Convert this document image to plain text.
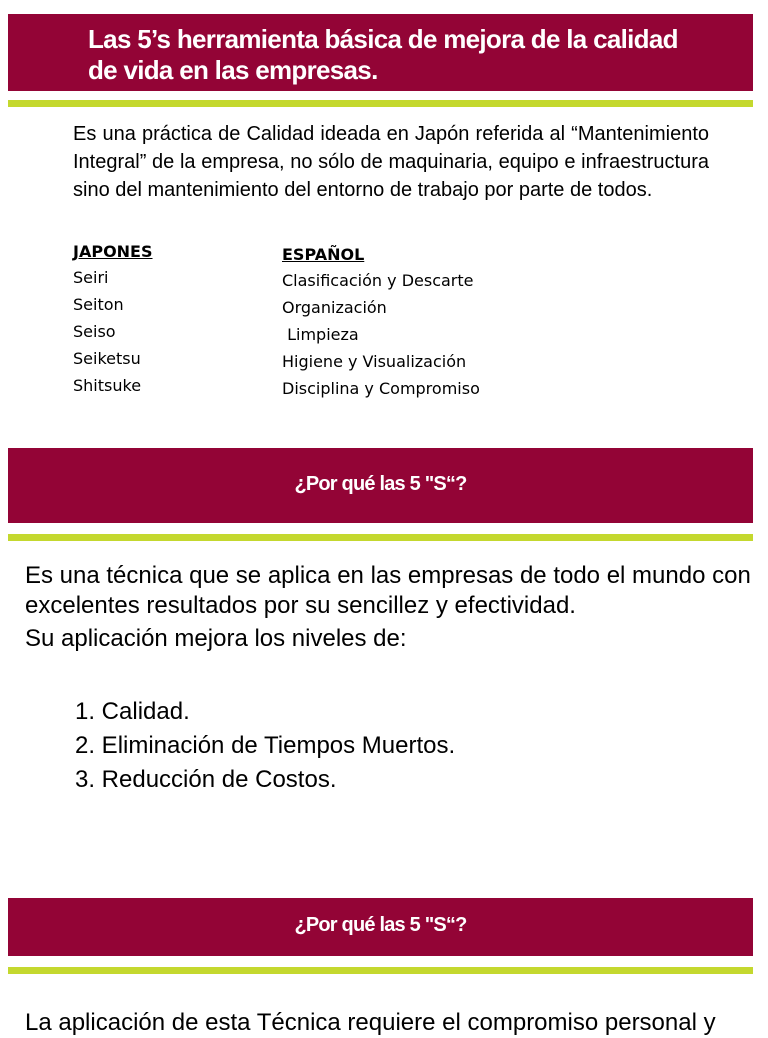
Las 5’s herramienta básica de mejora de la calidad de vida en las empresas.
Es una práctica de Calidad ideada en Japón referida al “Mantenimiento Integral” de la empresa, no sólo de maquinaria, equipo e infraestructura sino del mantenimiento del entorno de trabajo por parte de todos.
JAPONES
Seiri
Seiton
Seiso
Seiketsu
Shitsuke
ESPAÑOL
Clasificación y Descarte
Organización
Limpieza
Higiene y Visualización
Disciplina y Compromiso
¿Por qué las 5 "S“?
Es una técnica que se aplica en las empresas de todo el mundo con excelentes resultados por su sencillez y efectividad.
Su aplicación mejora los niveles de:
1. Calidad.
2. Eliminación de Tiempos Muertos.
3. Reducción de Costos.
¿Por qué las 5 "S“?
La aplicación de esta Técnica requiere el compromiso personal y
